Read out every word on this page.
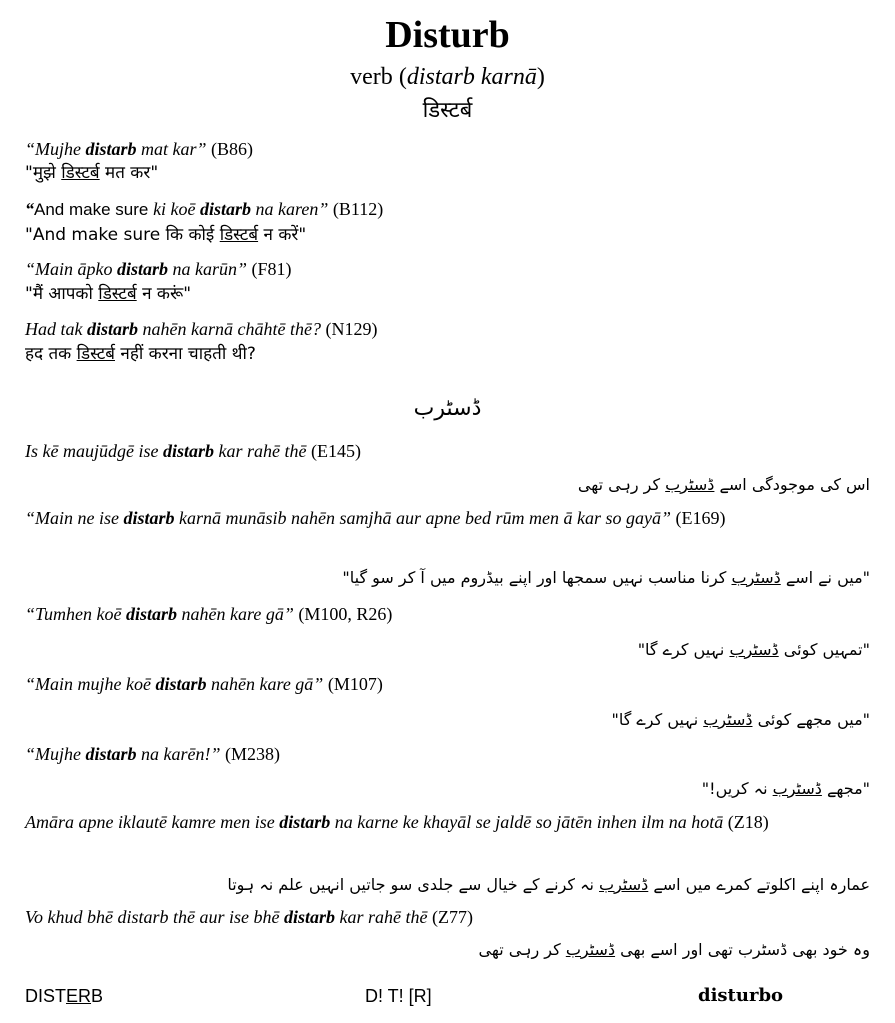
Disturb
verb (distarb karnā)
डिस्टर्ब
“Mujhe distarb mat kar” (B86)
"मुझे डिस्टर्ब मत कर"
“And make sure ki koē distarb na karen” (B112)
"And make sure कि कोई डिस्टर्ब न करें"
“Main āpko distarb na karūn” (F81)
"मैं आपको डिस्टर्ब न करूं"
Had tak distarb nahēn karnā chāhtē thē? (N129)
हद तक डिस्टर्ब नहीं करना चाहती थी?
ڈسٹرب
Is kē maujūdgē ise distarb kar rahē thē (E145)
اس کی موجودگی اسے ڈسٹرب کر رہی تھی
“Main ne ise distarb karnā munāsib nahēn samjhā aur apne bed rūm men ā kar so gayā” (E169)
"میں نے اسے ڈسٹرب کرنا مناسب نہیں سمجھا اور اپنے بیڈروم میں آ کر سو گیا"
“Tumhen koē distarb nahēn kare gā” (M100, R26)
"تمہیں کوئی ڈسٹرب نہیں کرے گا"
“Main mujhe koē distarb nahēn kare gā” (M107)
"میں مجھے کوئی ڈسٹرب نہیں کرے گا"
“Mujhe distarb na karēn!” (M238)
"مجھے ڈسٹرب نہ کریں!"
Amāra apne iklautē kamre men ise distarb na karne ke khayāl se jaldē so jātēn inhen ilm na hotā (Z18)
عمارہ اپنے اکلوتے کمرے میں اسے ڈسٹرب نہ کرنے کے خیال سے جلدی سو جاتیں انہیں علم نہ ہوتا
Vo khud bhē distarb thē aur ise bhē distarb kar rahē thē (Z77)
وہ خود بھی ڈسٹرب تھی اور اسے بھی ڈسٹرب کر رہی تھی
DISTERB	D! T! [R]	disturbo
